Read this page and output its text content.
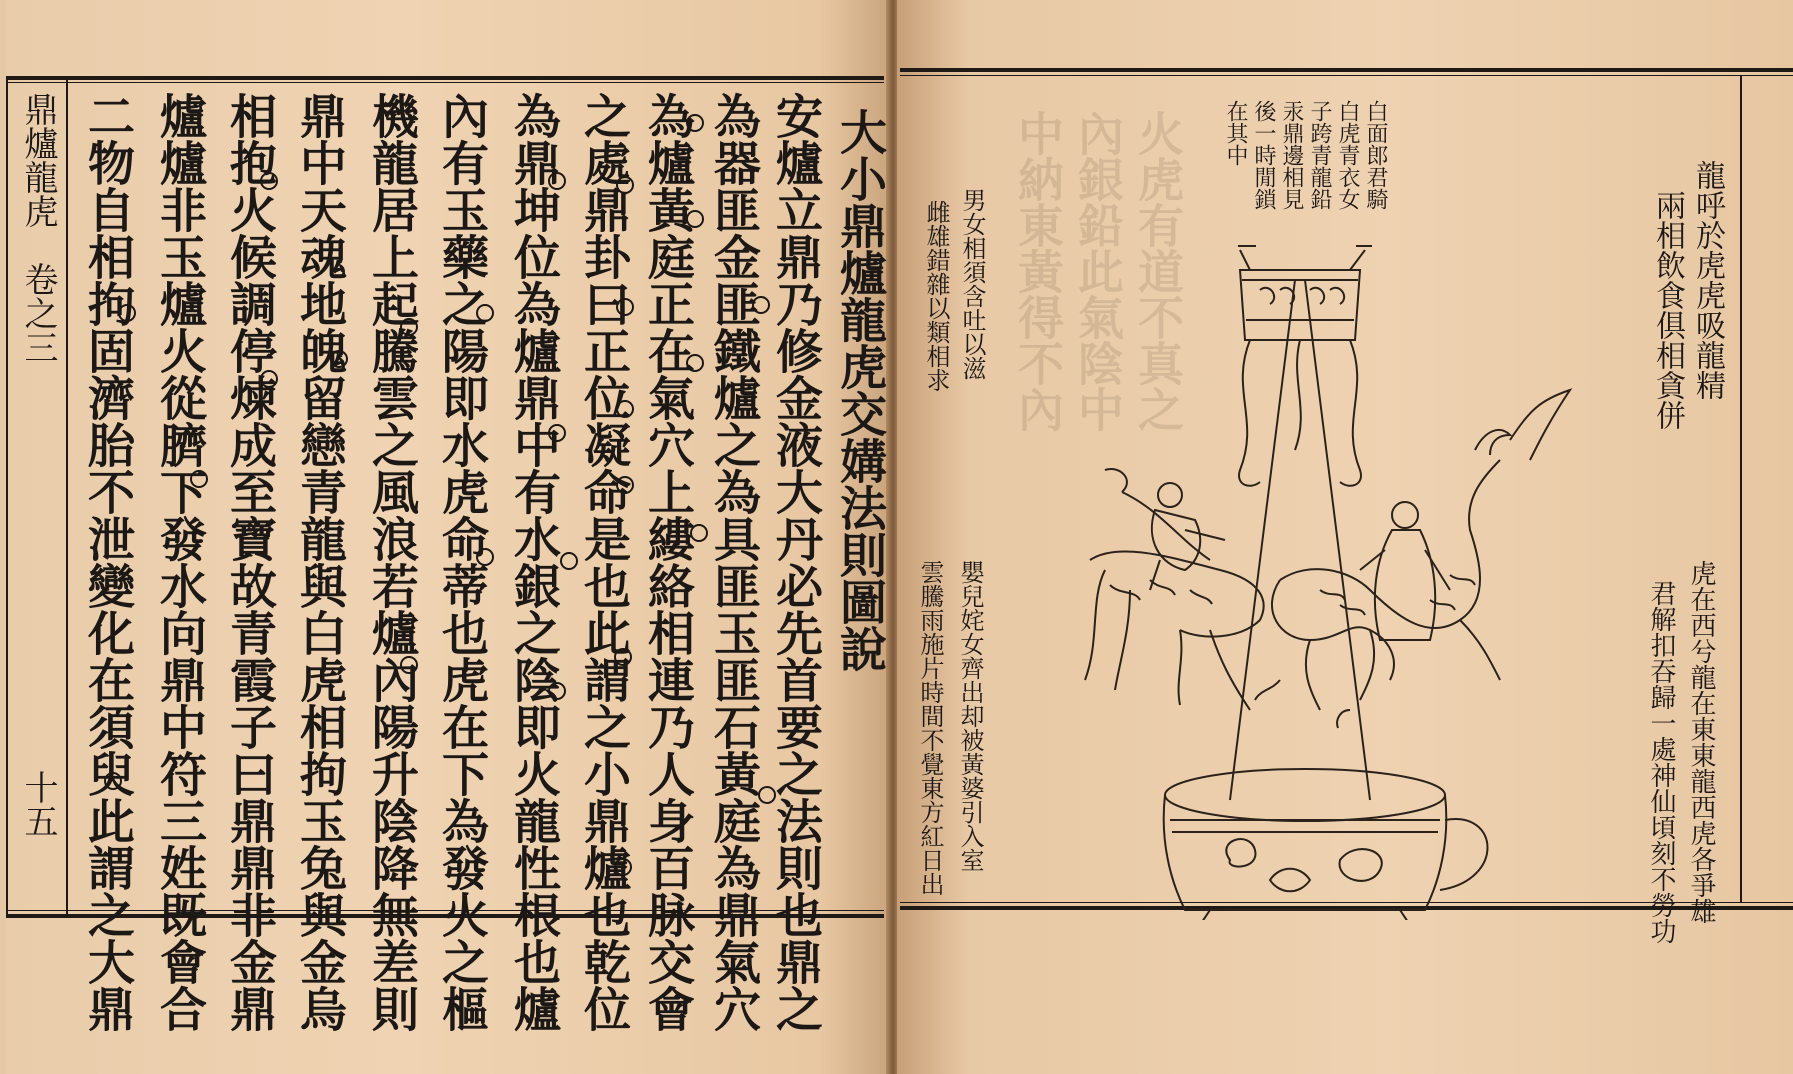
鼎爐龍虎　卷之三
十五
大小鼎爐龍虎交媾法則圖說
安爐立鼎乃修金液大丹必先首要之法則也鼎之
為器匪金匪鐵爐之為具匪玉匪石黃庭為鼎氣穴
為爐黃庭正在氣穴上縷絡相連乃人身百脉交會
之處鼎卦曰正位凝命是也此謂之小鼎爐也乾位
為鼎坤位為爐鼎中有水銀之陰即火龍性根也爐
內有玉藥之陽即水虎命蒂也虎在下為發火之樞
機龍居上起騰雲之風浪若爐內陽升陰降無差則
鼎中天魂地魄留戀青龍與白虎相拘玉兔與金烏
相抱火候調停煉成至寶故青霞子曰鼎鼎非金鼎
爐爐非玉爐火從臍下發水向鼎中符三姓既會合
二物自相拘固濟胎不泄變化在須臾此謂之大鼎	中納東黃得不內 內銀鉛此氣陰中 火虎有道不真之	龍呼於虎虎吸龍精
兩相飲食俱相貪併
虎在西兮龍在東東龍西虎各爭雄
君解扣吞歸一處神仙頃刻不勞功
白面郎君騎
白虎青衣女
子跨青龍鉛
汞鼎邊相見
後一時閒鎖
在其中
男女相須含吐以滋
雌雄錯雜以類相求
嬰兒姹女齊出却被黃婆引入室
雲騰雨施片時間不覺東方紅日出
